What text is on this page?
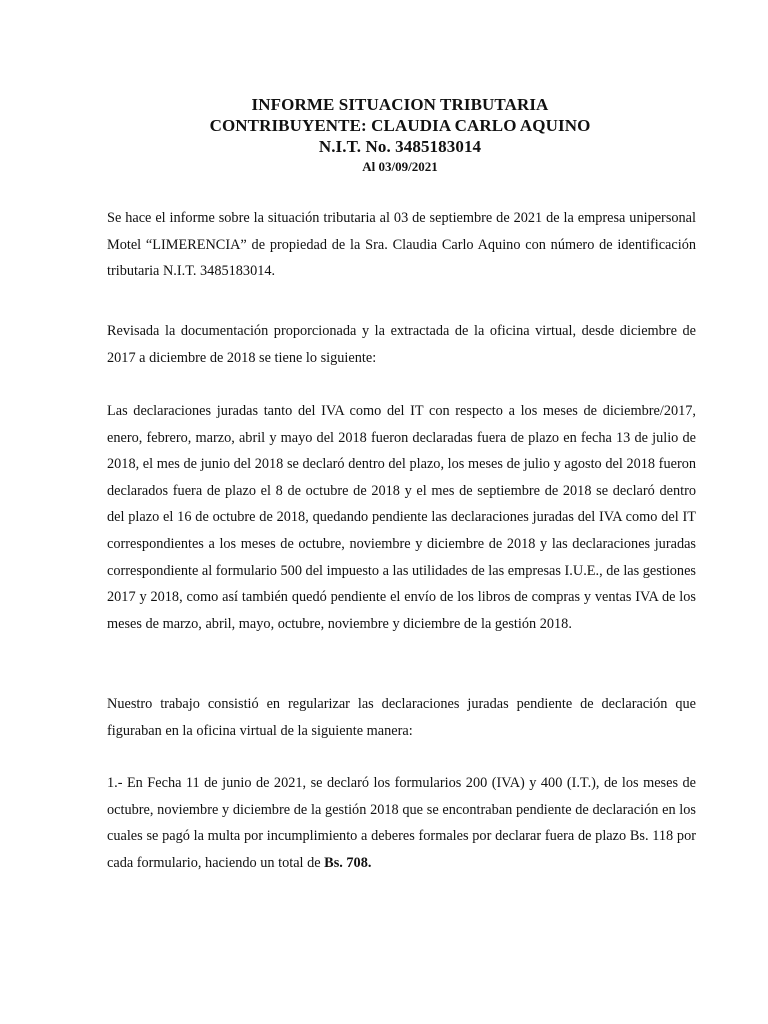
INFORME SITUACION TRIBUTARIA
CONTRIBUYENTE: CLAUDIA CARLO AQUINO
N.I.T. No. 3485183014
Al 03/09/2021

Se hace el informe sobre la situación tributaria al 03 de septiembre de 2021 de la empresa unipersonal Motel “LIMERENCIA” de propiedad de la Sra. Claudia Carlo Aquino con número de identificación tributaria N.I.T. 3485183014.

Revisada la documentación proporcionada y la extractada de la oficina virtual, desde diciembre de 2017 a diciembre de 2018 se tiene lo siguiente:

Las declaraciones juradas tanto del IVA como del IT con respecto a los meses de diciembre/2017, enero, febrero, marzo, abril y mayo del 2018 fueron declaradas fuera de plazo en fecha 13 de julio de 2018, el mes de junio del 2018 se declaró dentro del plazo, los meses de julio y agosto del 2018 fueron declarados fuera de plazo el 8 de octubre de 2018 y el mes de septiembre de 2018 se declaró dentro del plazo el 16 de octubre de 2018, quedando pendiente las declaraciones juradas del IVA como del IT correspondientes a los meses de octubre, noviembre y diciembre de 2018 y las declaraciones juradas correspondiente al formulario 500 del impuesto a las utilidades de las empresas I.U.E., de las gestiones 2017 y 2018, como así también quedó pendiente el envío de los libros de compras y ventas IVA de los meses de marzo, abril, mayo, octubre, noviembre y diciembre de la gestión 2018.

Nuestro trabajo consistió en regularizar las declaraciones juradas pendiente de declaración que figuraban en la oficina virtual de la siguiente manera:

1.- En Fecha 11 de junio de 2021, se declaró los formularios 200 (IVA) y 400 (I.T.), de los meses de octubre, noviembre y diciembre de la gestión 2018 que se encontraban pendiente de declaración en los cuales se pagó la multa por incumplimiento a deberes formales por declarar fuera de plazo Bs. 118 por cada formulario, haciendo un total de Bs. 708.
